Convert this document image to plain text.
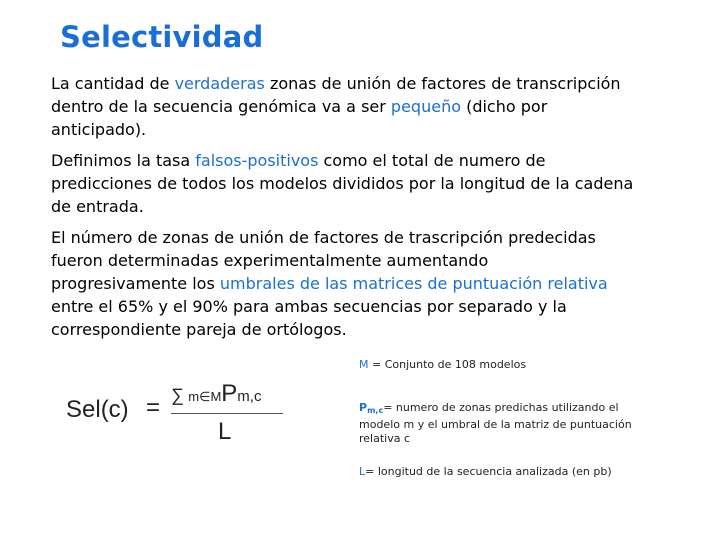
Selectividad

La cantidad de verdaderas zonas de unión de factores de transcripción dentro de la secuencia genómica va a ser pequeño (dicho por anticipado).

Definimos la tasa falsos-positivos como el total de numero de predicciones de todos los modelos divididos por la longitud de la cadena de entrada.

El número de zonas de unión de factores de trascripción predecidas fueron determinadas experimentalmente aumentando progresivamente los umbrales de las matrices de puntuación relativa entre el 65% y el 90% para ambas secuencias por separado y la correspondiente pareja de ortólogos.

Sel(c) = ∑ m∈MPm,c
L

M = Conjunto de 108 modelos

Pm,c= numero de zonas predichas utilizando el modelo m y el umbral de la matriz de puntuación relativa c

L= longitud de la secuencia analizada (en pb)
